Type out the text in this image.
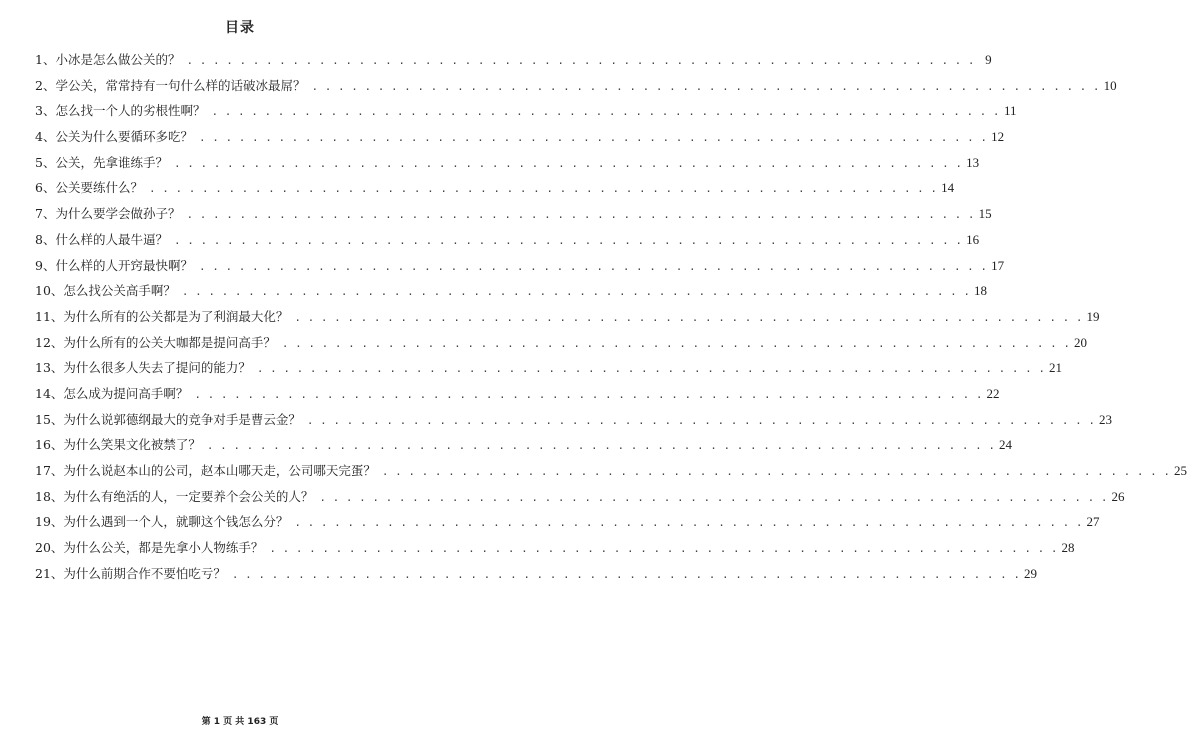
目录
1、 小冰是怎么做公关的？ . . .	9
2、 学公关，常常持有一句什么样的话破冰最屌？ . . .	10
3、 怎么找一个人的劣根性啊？ . . .	11
4、 公关为什么要循环多吃？ . . .	12
5、 公关，先拿谁练手？ . . .	13
6、 公关要练什么？ . . .	14
7、 为什么要学会做孙子？ . . .	15
8、 什么样的人最牛逼？ . . .	16
9、 什么样的人开窍最快啊？ . . .	17
10、 怎么找公关高手啊？ . . .	18
11、 为什么所有的公关都是为了利润最大化？ . . .	19
12、 为什么所有的公关大咖都是提问高手？ . . .	20
13、 为什么很多人失去了提问的能力？ . . .	21
14、 怎么成为提问高手啊？ . . .	22
15、 为什么说郭德纲最大的竞争对手是曹云金？ . . .	23
16、 为什么笑果文化被禁了？ . . .	24
17、 为什么说赵本山的公司，赵本山哪天走，公司哪天完蛋？ . . .	25
18、 为什么有绝活的人，一定要养个会公关的人？ . . .	26
19、 为什么遇到一个人，就聊这个钱怎么分？ . . .	27
20、 为什么公关，都是先拿小人物练手？ . . .	28
21、 为什么前期合作不要怕吃亏？ . . .	29
第 1 页 共 163 页
